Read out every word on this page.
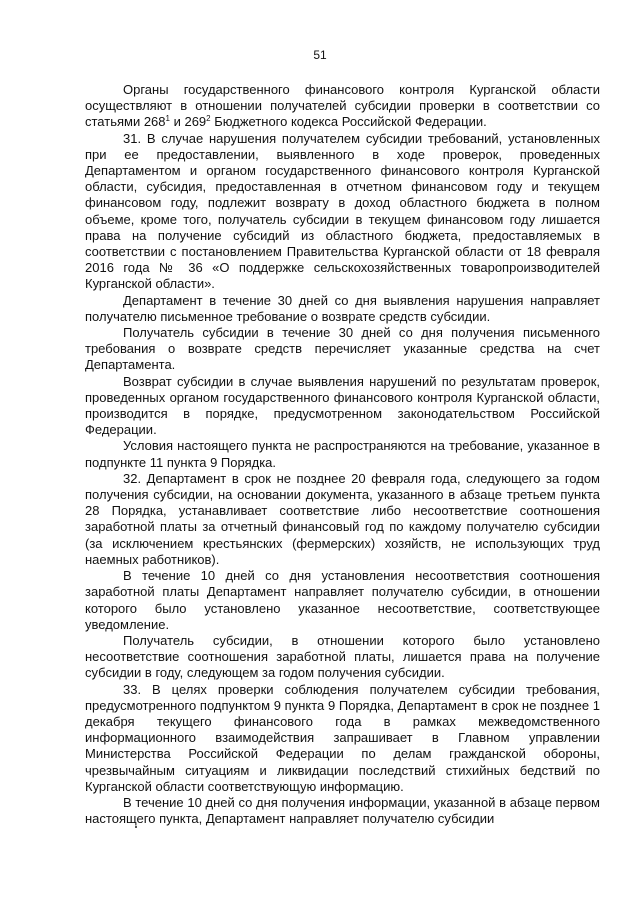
51

Органы государственного финансового контроля Курганской области осуществляют в отношении получателей субсидии проверки в соответствии со статьями $268^1$ и $269^2$ Бюджетного кодекса Российской Федерации.

31. В случае нарушения получателем субсидии требований, установленных при ее предоставлении, выявленного в ходе проверок, проведенных Департаментом и органом государственного финансового контроля Курганской области, субсидия, предоставленная в отчетном финансовом году и текущем финансовом году, подлежит возврату в доход областного бюджета в полном объеме, кроме того, получатель субсидии в текущем финансовом году лишается права на получение субсидий из областного бюджета, предоставляемых в соответствии с постановлением Правительства Курганской области от 18 февраля 2016 года № 36 «О поддержке сельскохозяйственных товаропроизводителей Курганской области».

Департамент в течение 30 дней со дня выявления нарушения направляет получателю письменное требование о возврате средств субсидии.

Получатель субсидии в течение 30 дней со дня получения письменного требования о возврате средств перечисляет указанные средства на счет Департамента.

Возврат субсидии в случае выявления нарушений по результатам проверок, проведенных органом государственного финансового контроля Курганской области, производится в порядке, предусмотренном законодательством Российской Федерации.

Условия настоящего пункта не распространяются на требование, указанное в подпункте 11 пункта 9 Порядка.

32. Департамент в срок не позднее 20 февраля года, следующего за годом получения субсидии, на основании документа, указанного в абзаце третьем пункта 28 Порядка, устанавливает соответствие либо несоответствие соотношения заработной платы за отчетный финансовый год по каждому получателю субсидии (за исключением крестьянских (фермерских) хозяйств, не использующих труд наемных работников).

В течение 10 дней со дня установления несоответствия соотношения заработной платы Департамент направляет получателю субсидии, в отношении которого было установлено указанное несоответствие, соответствующее уведомление.

Получатель субсидии, в отношении которого было установлено несоответствие соотношения заработной платы, лишается права на получение субсидии в году, следующем за годом получения субсидии.

33. В целях проверки соблюдения получателем субсидии требования, предусмотренного подпунктом 9 пункта 9 Порядка, Департамент в срок не позднее 1 декабря текущего финансового года в рамках межведомственного информационного взаимодействия запрашивает в Главном управлении Министерства Российской Федерации по делам гражданской обороны, чрезвычайным ситуациям и ликвидации последствий стихийных бедствий по Курганской области соответствующую информацию.

В течение 10 дней со дня получения информации, указанной в абзаце первом настоящего пункта, Департамент направляет получателю субсидии
